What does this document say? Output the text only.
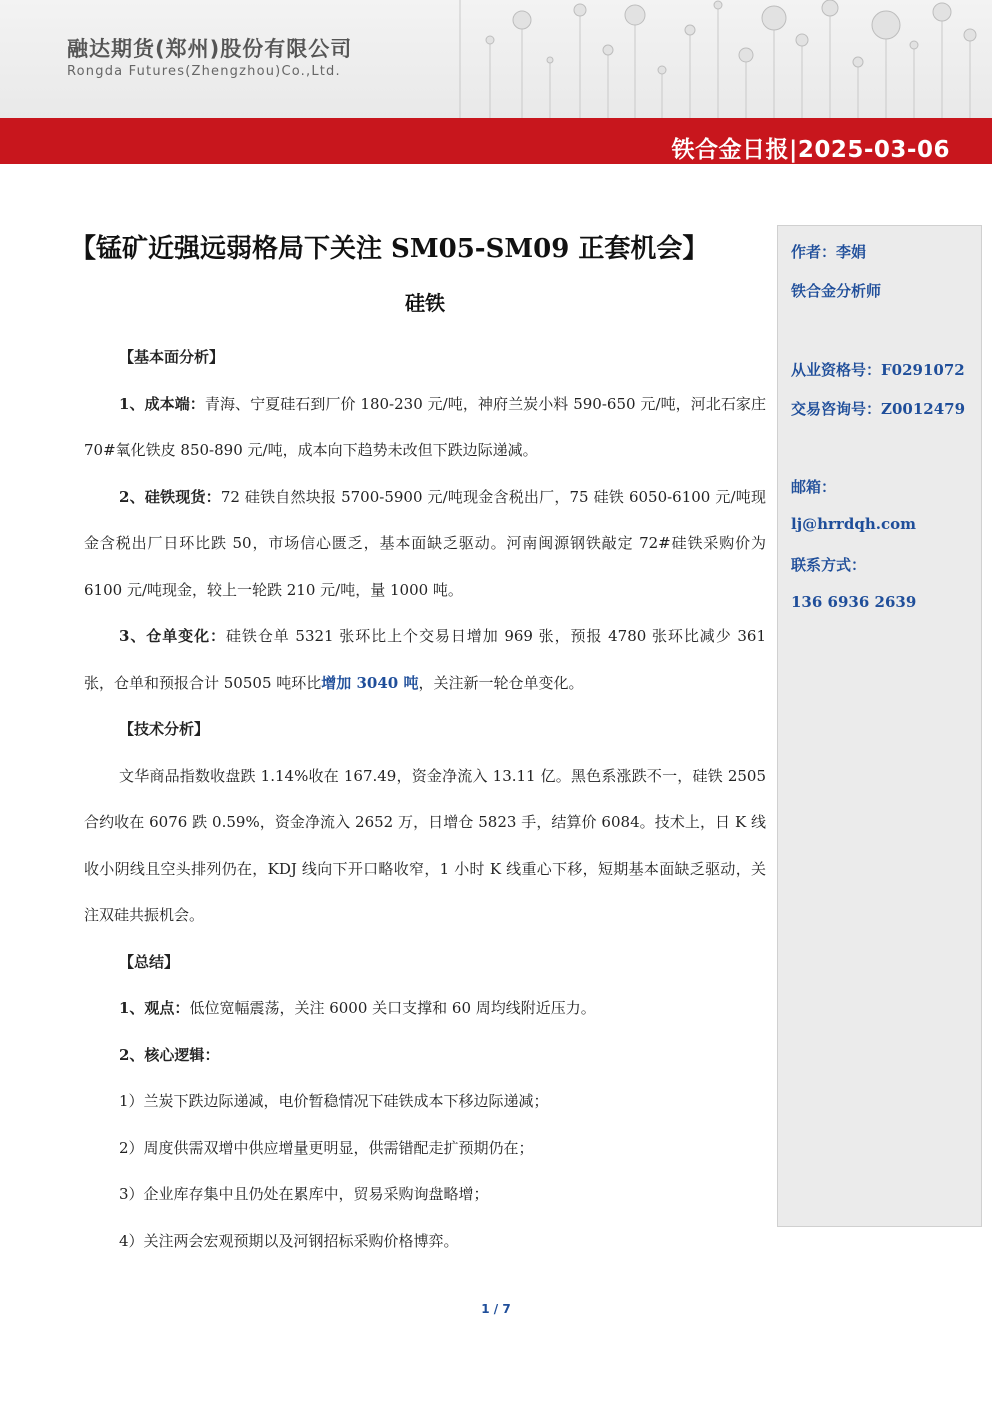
融达期货(郑州)股份有限公司
Rongda Futures(Zhengzhou)Co.,Ltd.
铁合金日报|2025-03-06
【锰矿近强远弱格局下关注 SM05-SM09 正套机会】
硅铁

【基本面分析】

1、成本端：青海、宁夏硅石到厂价 180-230 元/吨，神府兰炭小料 590-650 元/吨，河北石家庄 70#氧化铁皮 850-890 元/吨，成本向下趋势未改但下跌边际递减。

2、硅铁现货：72 硅铁自然块报 5700-5900 元/吨现金含税出厂，75 硅铁 6050-6100 元/吨现金含税出厂日环比跌 50，市场信心匮乏，基本面缺乏驱动。河南闽源钢铁敲定 72#硅铁采购价为 6100 元/吨现金，较上一轮跌 210 元/吨，量 1000 吨。

3、仓单变化：硅铁仓单 5321 张环比上个交易日增加 969 张，预报 4780 张环比减少 361 张，仓单和预报合计 50505 吨环比增加 3040 吨，关注新一轮仓单变化。

【技术分析】

文华商品指数收盘跌 1.14%收在 167.49，资金净流入 13.11 亿。黑色系涨跌不一，硅铁 2505 合约收在 6076 跌 0.59%，资金净流入 2652 万，日增仓 5823 手，结算价 6084。技术上，日 K 线收小阴线且空头排列仍在，KDJ 线向下开口略收窄，1 小时 K 线重心下移，短期基本面缺乏驱动，关注双硅共振机会。

【总结】

1、观点：低位宽幅震荡，关注 6000 关口支撑和 60 周均线附近压力。

2、核心逻辑：

1）兰炭下跌边际递减，电价暂稳情况下硅铁成本下移边际递减；

2）周度供需双增中供应增量更明显，供需错配走扩预期仍在；

3）企业库存集中且仍处在累库中，贸易采购询盘略增；

4）关注两会宏观预期以及河钢招标采购价格博弈。

作者：李娟
铁合金分析师
从业资格号：F0291072
交易咨询号：Z0012479
邮箱：
lj@hrrdqh.com
联系方式：
136 6936 2639
1 / 7
